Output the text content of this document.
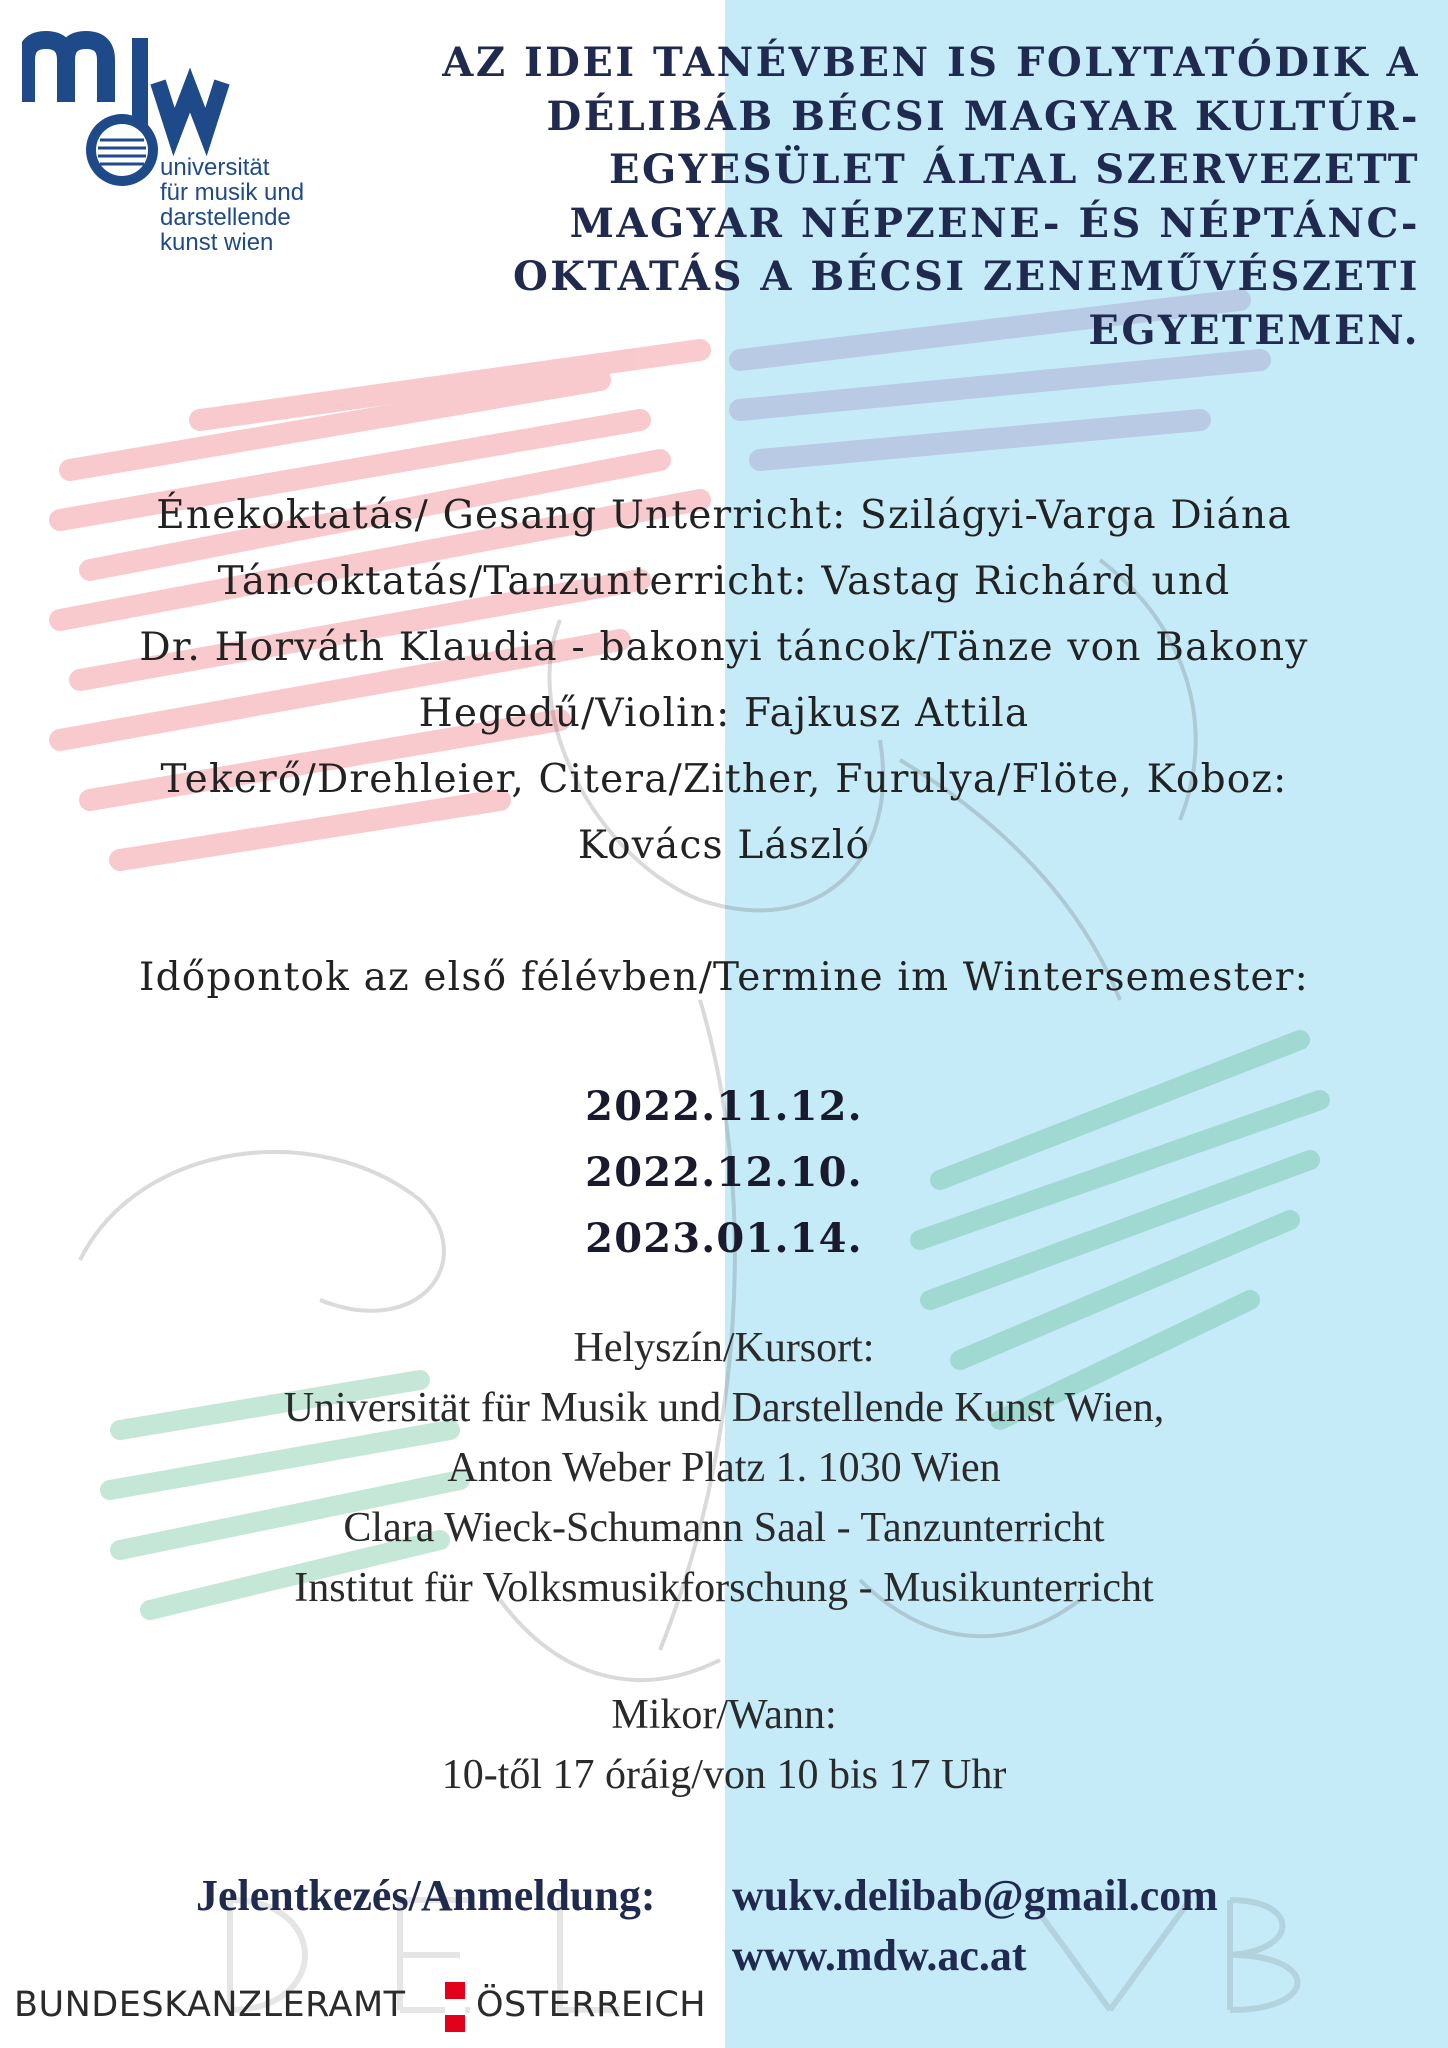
universität
für musik und
darstellende
kunst wien
AZ IDEI TANÉVBEN IS FOLYTATÓDIK A
DÉLIBÁB BÉCSI MAGYAR KULTÚR-
EGYESÜLET ÁLTAL SZERVEZETT
MAGYAR NÉPZENE- ÉS NÉPTÁNC-
OKTATÁS A BÉCSI ZENEMŰVÉSZETI
EGYETEMEN.
Énekoktatás/ Gesang Unterricht: Szilágyi-Varga Diána
Táncoktatás/Tanzunterricht: Vastag Richárd und
Dr. Horváth Klaudia - bakonyi táncok/Tänze von Bakony
Hegedű/Violin: Fajkusz Attila
Tekerő/Drehleier, Citera/Zither, Furulya/Flöte, Koboz:
Kovács László
Időpontok az első félévben/Termine im Wintersemester:
2022.11.12.
2022.12.10.
2023.01.14.
Helyszín/Kursort:
Universität für Musik und Darstellende Kunst Wien,
Anton Weber Platz 1. 1030 Wien
Clara Wieck-Schumann Saal - Tanzunterricht
Institut für Volksmusikforschung - Musikunterricht
Mikor/Wann:
10-től 17 óráig/von 10 bis 17 Uhr
Jelentkezés/Anmeldung: wukv.delibab@gmail.com
www.mdw.ac.at
BUNDESKANZLERAMT ÖSTERREICH
